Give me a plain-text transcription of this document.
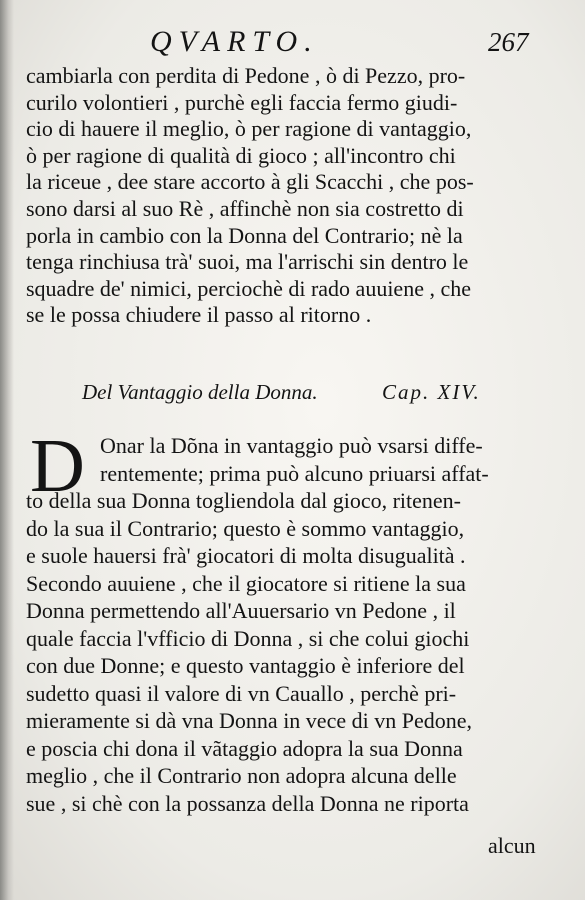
QVARTO.	267
cambiarla con perdita di Pedone , ò di Pezzo, pro-
curilo volontieri , purchè egli faccia fermo giudi-
cio di hauere il meglio, ò per ragione di vantaggio,
ò per ragione di qualità di gioco ; all'incontro chi
la riceue , dee stare accorto à gli Scacchi , che pos-
sono darsi al suo Rè , affinchè non sia costretto di
porla in cambio con la Donna del Contrario; nè la
tenga rinchiusa trà' suoi, ma l'arrischi sin dentro le
squadre de' nimici, perciochè di rado auuiene , che
se le possa chiudere il passo al ritorno .
Del Vantaggio della Donna.	Cap. XIV.
D Onar la Dõna in vantaggio può vsarsi diffe-
rentemente; prima può alcuno priuarsi affat-
to della sua Donna togliendola dal gioco, ritenen-
do la sua il Contrario; questo è sommo vantaggio,
e suole hauersi frà' giocatori di molta disugualità .
Secondo auuiene , che il giocatore si ritiene la sua
Donna permettendo all'Auuersario vn Pedone , il
quale faccia l'vfficio di Donna , si che colui giochi
con due Donne; e questo vantaggio è inferiore del
sudetto quasi il valore di vn Cauallo , perchè pri-
mieramente si dà vna Donna in vece di vn Pedone,
e poscia chi dona il vãtaggio adopra la sua Donna
meglio , che il Contrario non adopra alcuna delle
sue , si chè con la possanza della Donna ne riporta
alcun
